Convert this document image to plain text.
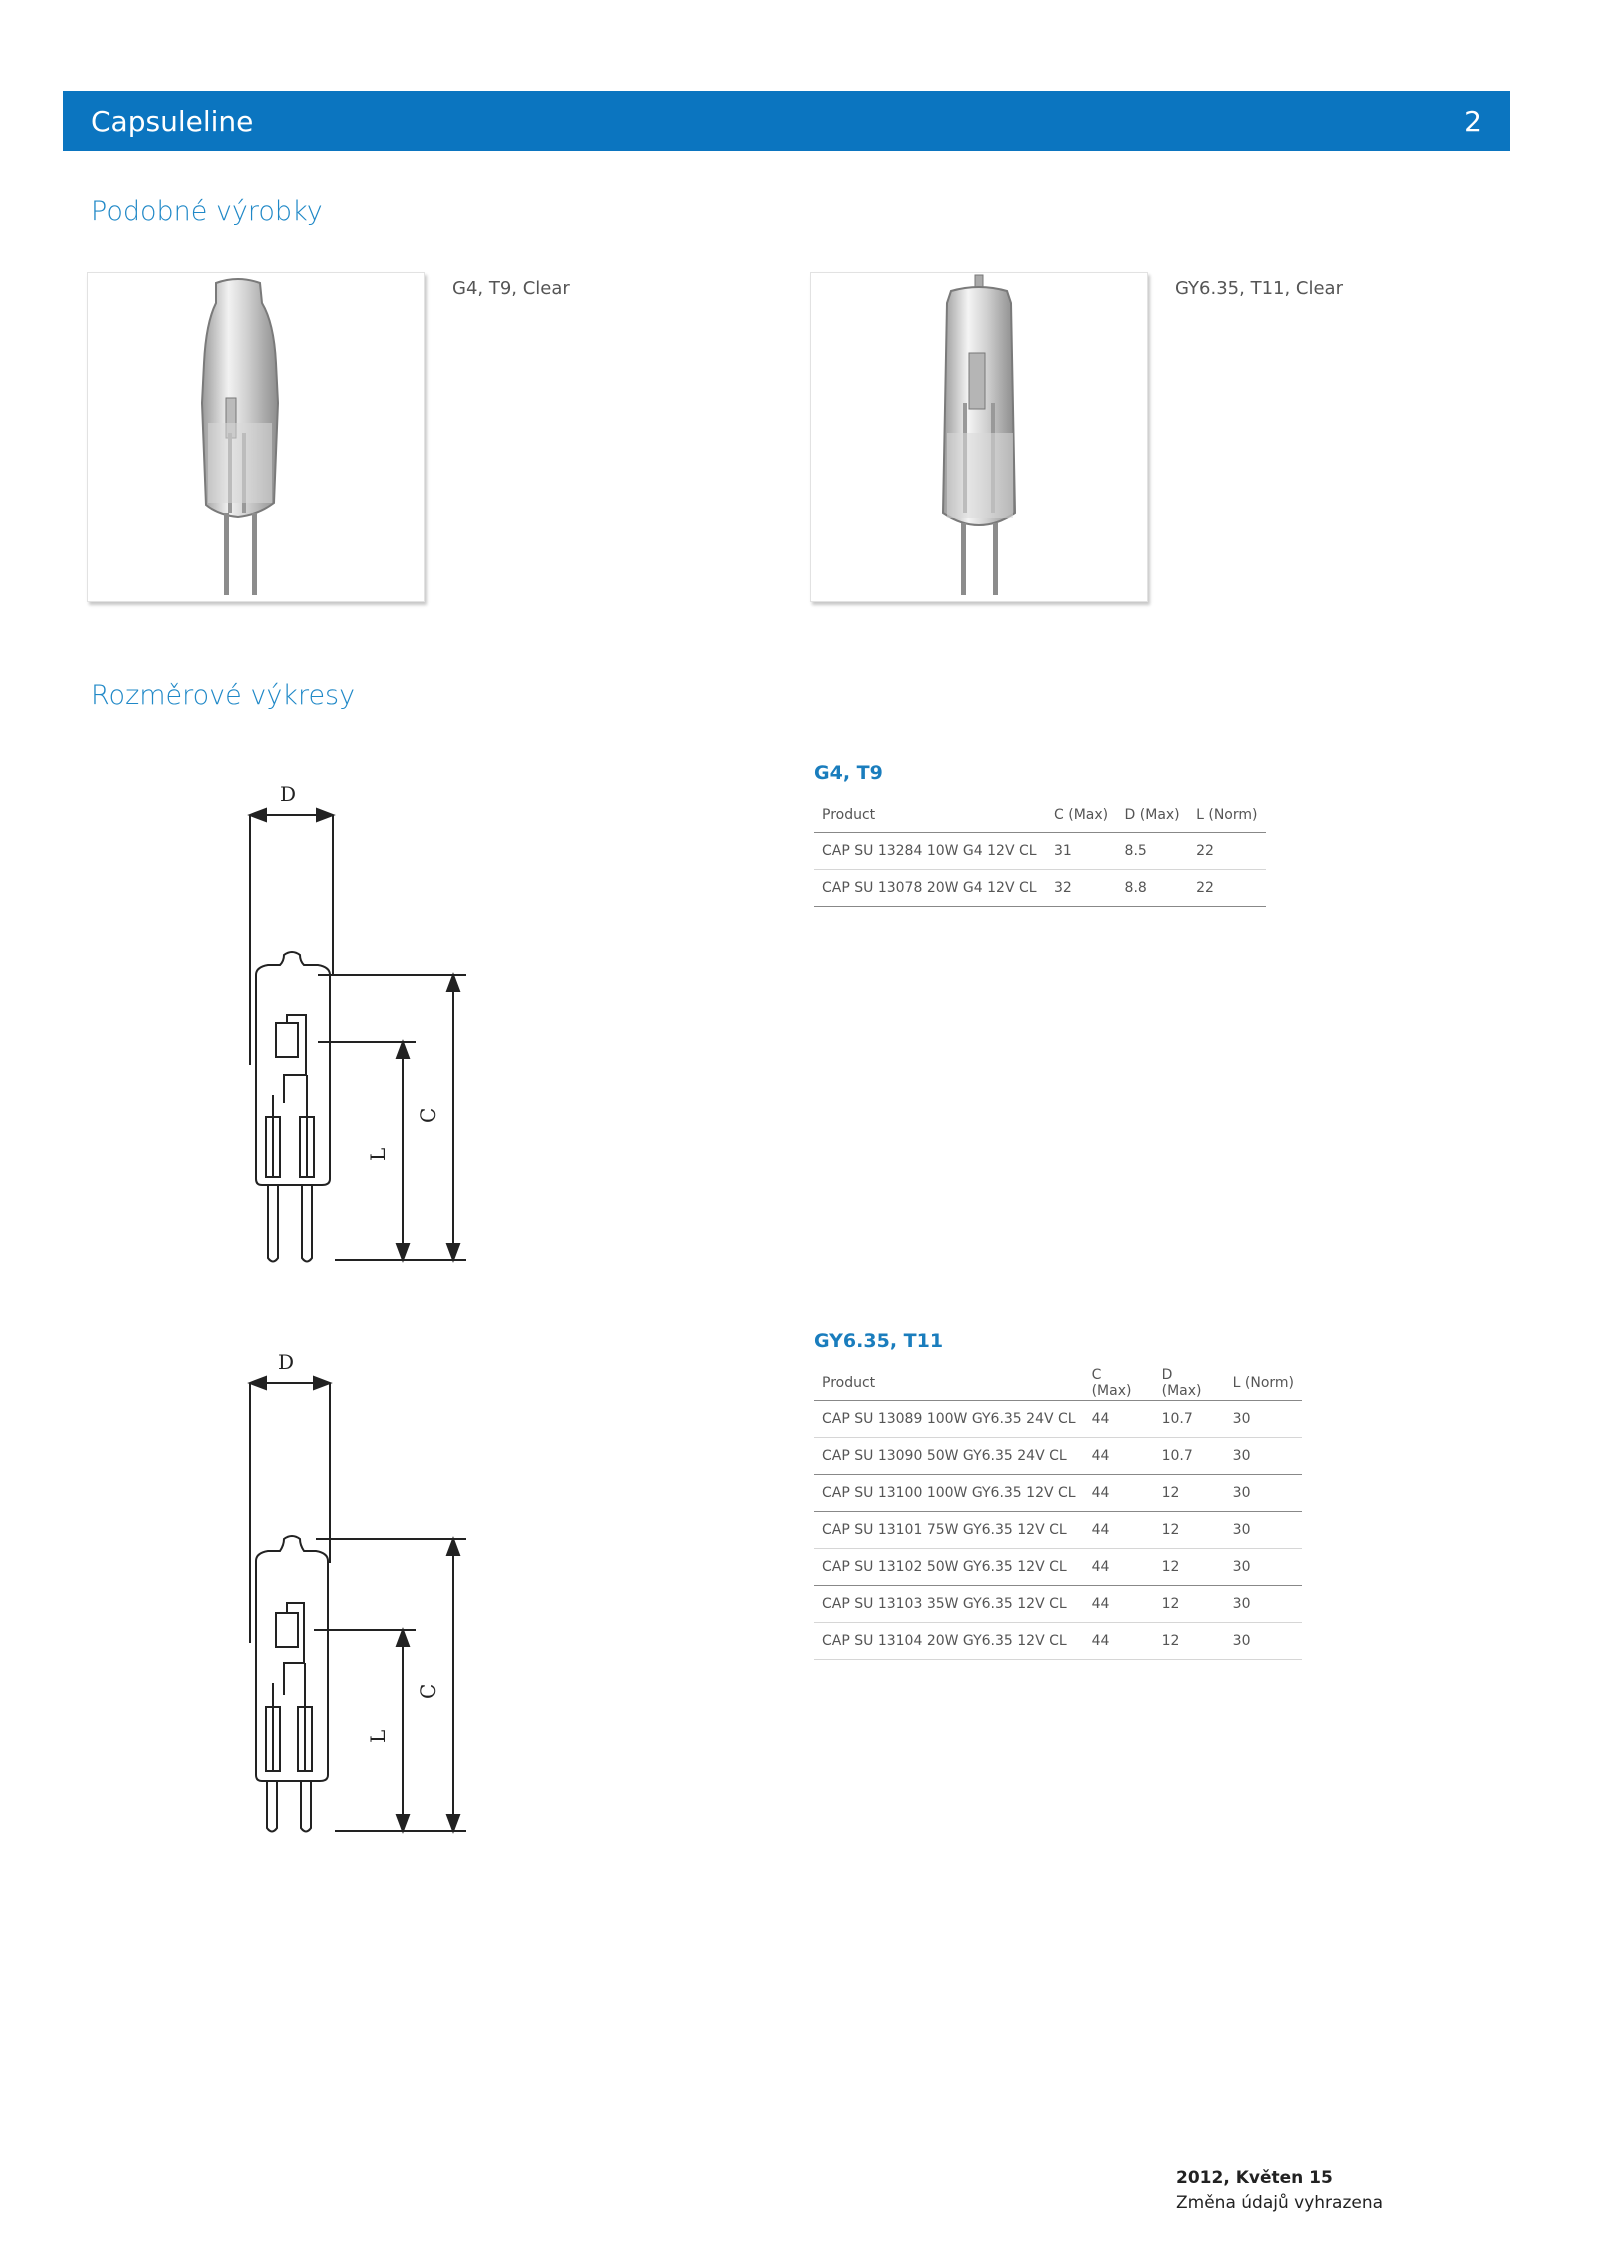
Capsuleline	2
Podobné výrobky
G4, T9, Clear	GY6.35, T11, Clear
Rozměrové výkresy
D
L
C
D
L
C
G4, T9
Product	C (Max)	D (Max)	L (Norm)
CAP SU 13284 10W G4 12V CL	31	8.5	22
CAP SU 13078 20W G4 12V CL	32	8.8	22
GY6.35, T11
Product	C (Max)	D (Max)	L (Norm)
CAP SU 13089 100W GY6.35 24V CL	44	10.7	30
CAP SU 13090 50W GY6.35 24V CL	44	10.7	30
CAP SU 13100 100W GY6.35 12V CL	44	12	30
CAP SU 13101 75W GY6.35 12V CL	44	12	30
CAP SU 13102 50W GY6.35 12V CL	44	12	30
CAP SU 13103 35W GY6.35 12V CL	44	12	30
CAP SU 13104 20W GY6.35 12V CL	44	12	30
2012, Květen 15
Změna údajů vyhrazena
